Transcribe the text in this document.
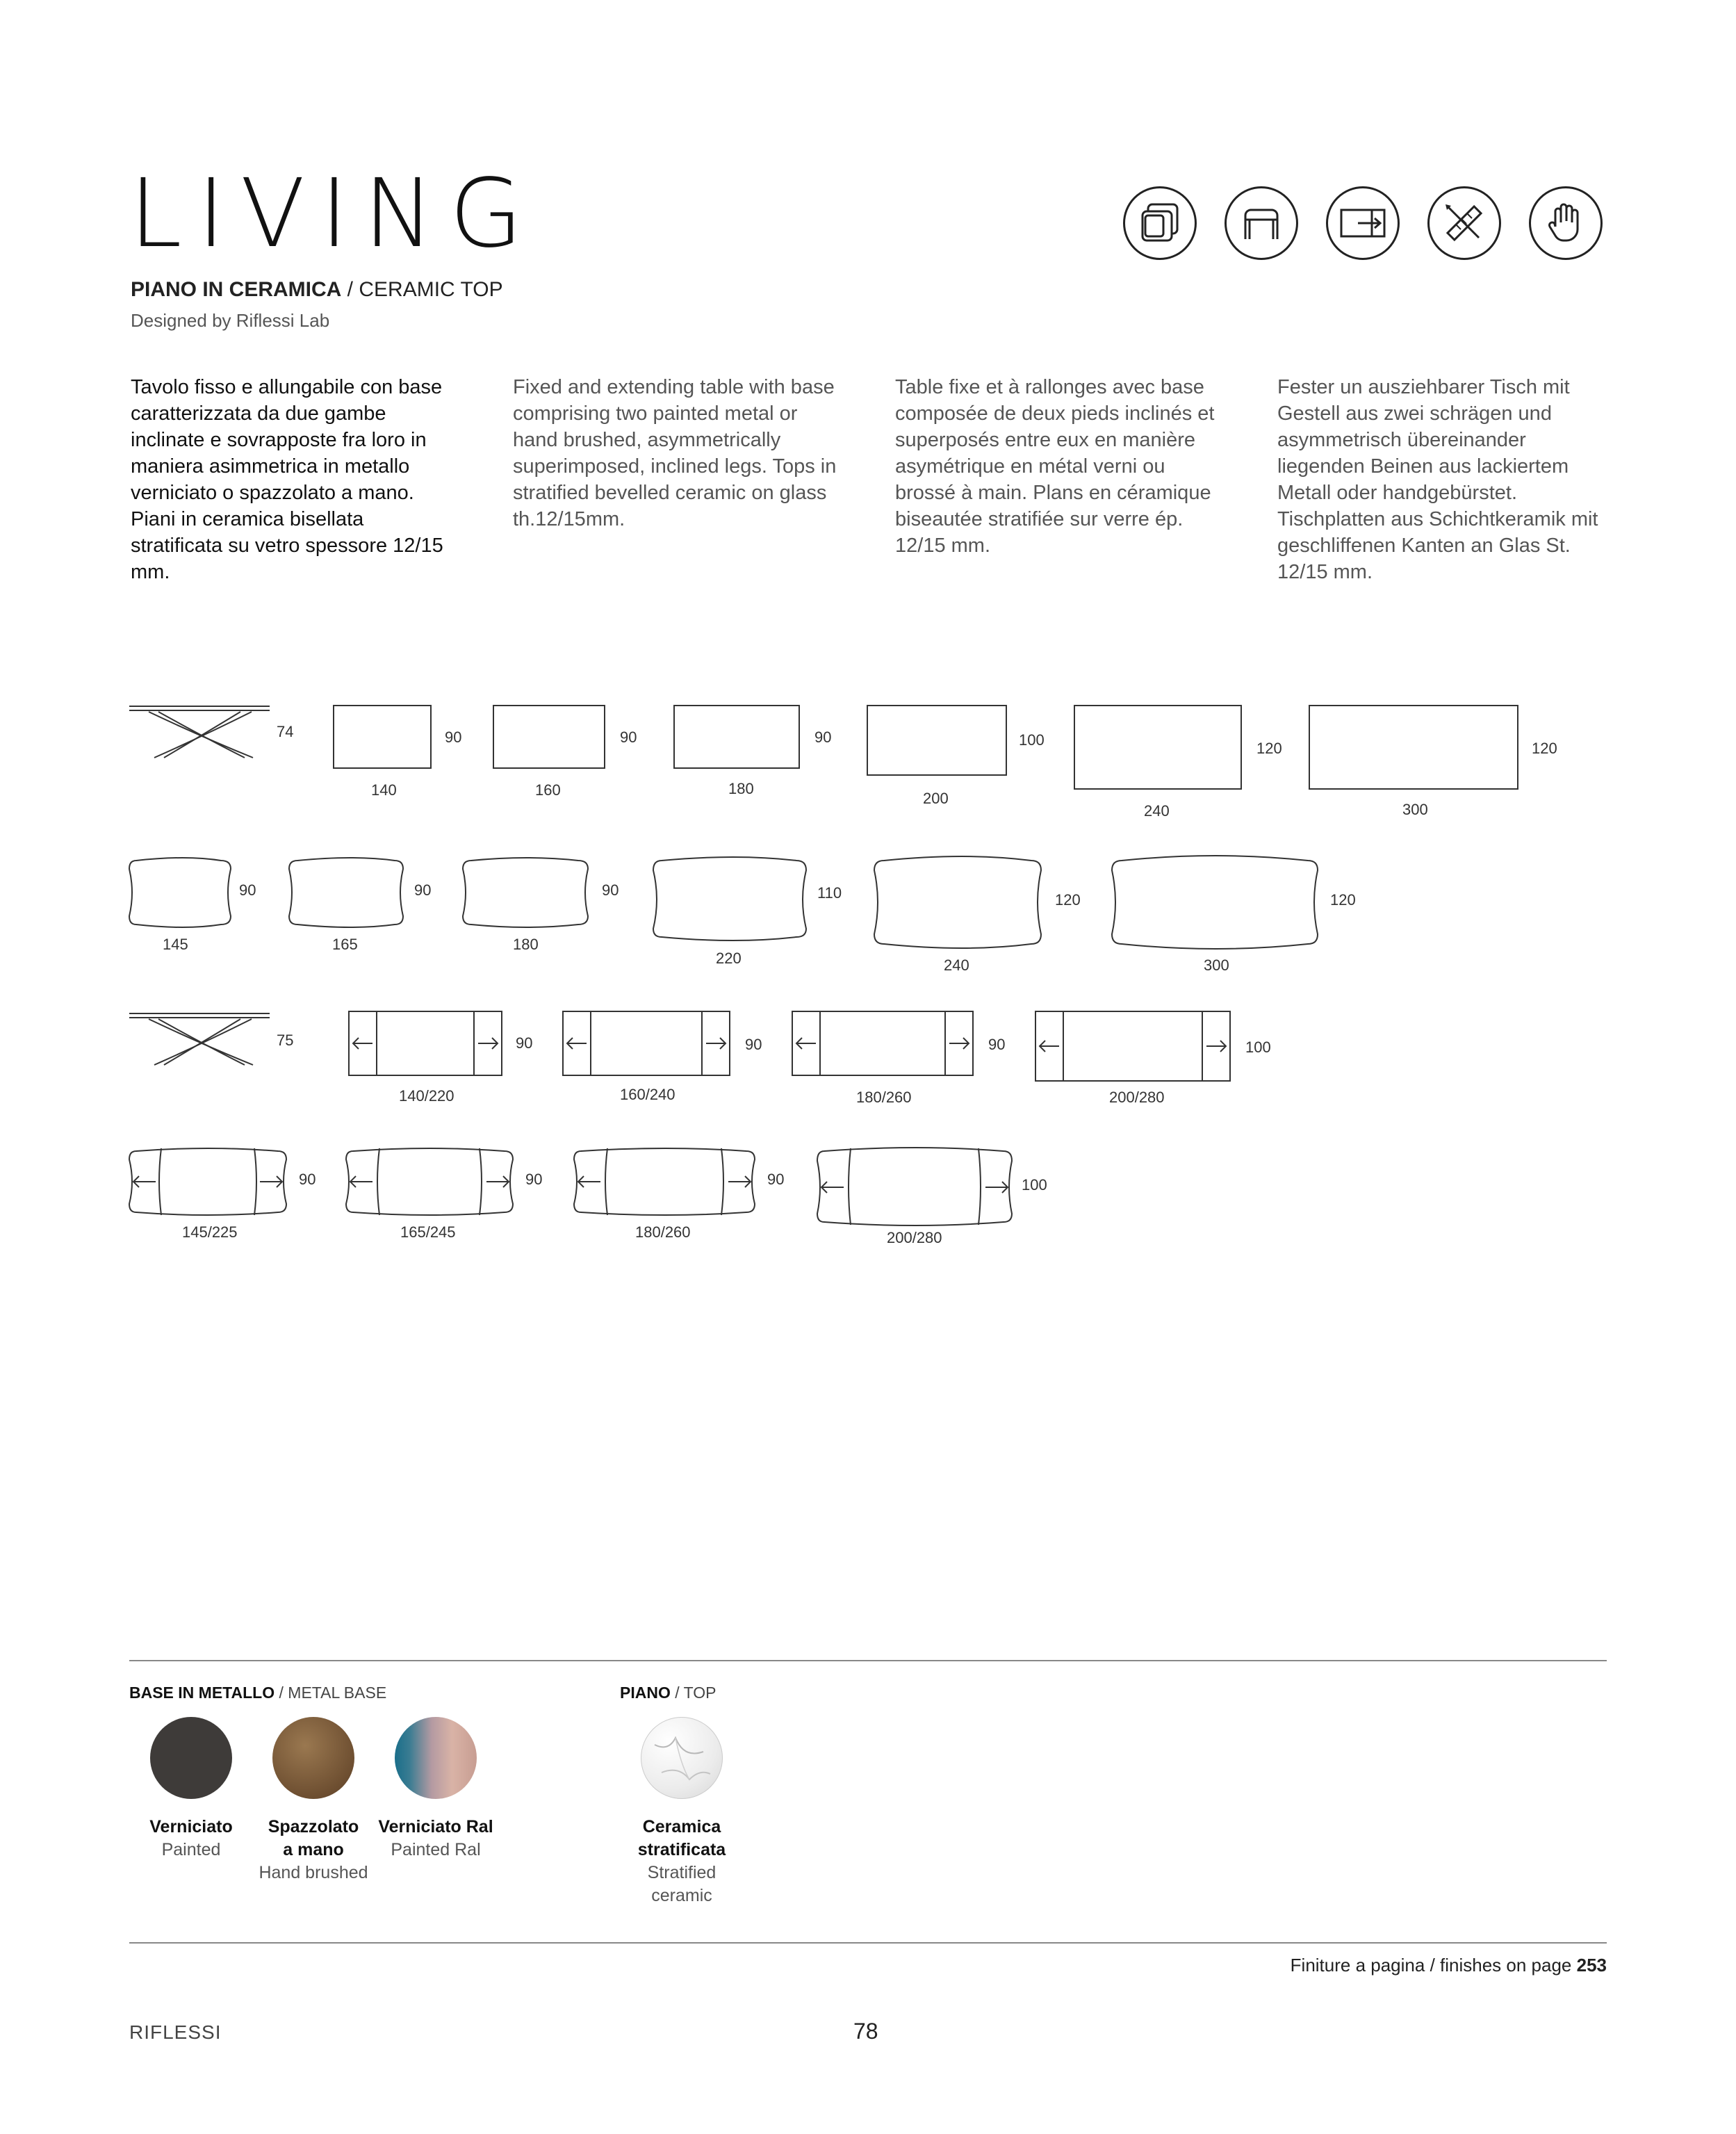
LIVING
PIANO IN CERAMICA / CERAMIC TOP
Designed by Riflessi Lab
Tavolo fisso e allungabile con base caratterizzata da due gambe inclinate e sovrapposte fra loro in maniera asimmetrica in metallo verniciato o spazzolato a mano. Piani in ceramica bisellata stratificata su vetro spessore 12/15 mm.
Fixed and extending table with base comprising two painted metal or hand brushed, asymmetrically superimposed, inclined legs. Tops in stratified bevelled ceramic on glass th.12/15mm.
Table fixe et à rallonges avec base composée de deux pieds inclinés et superposés entre eux en manière asymétrique en métal verni ou brossé à main. Plans en céramique biseautée stratifiée sur verre ép. 12/15 mm.
Fester un ausziehbarer Tisch mit Gestell aus zwei schrägen und asymmetrisch übereinander liegenden Beinen aus lackiertem Metall oder handgebürstet. Tischplatten aus Schichtkeramik mit geschliffenen Kanten an Glas St. 12/15 mm.
74	90
140
90
160
90
180
100
200
120
240
120
300
90
145
90
165
90
180
110
220
120
240
120
300
75	90
140/220
90
160/240
90
180/260
100
200/280
90
145/225
90
165/245
90
180/260
100
200/280
BASE IN METALLO / METAL BASE	PIANO / TOP
Verniciato
Painted
Spazzolato
a mano
Hand brushed
Verniciato Ral
Painted Ral
Ceramica
stratificata
Stratified
ceramic
Finiture a pagina / finishes on page 253
RIFLESSI	78
